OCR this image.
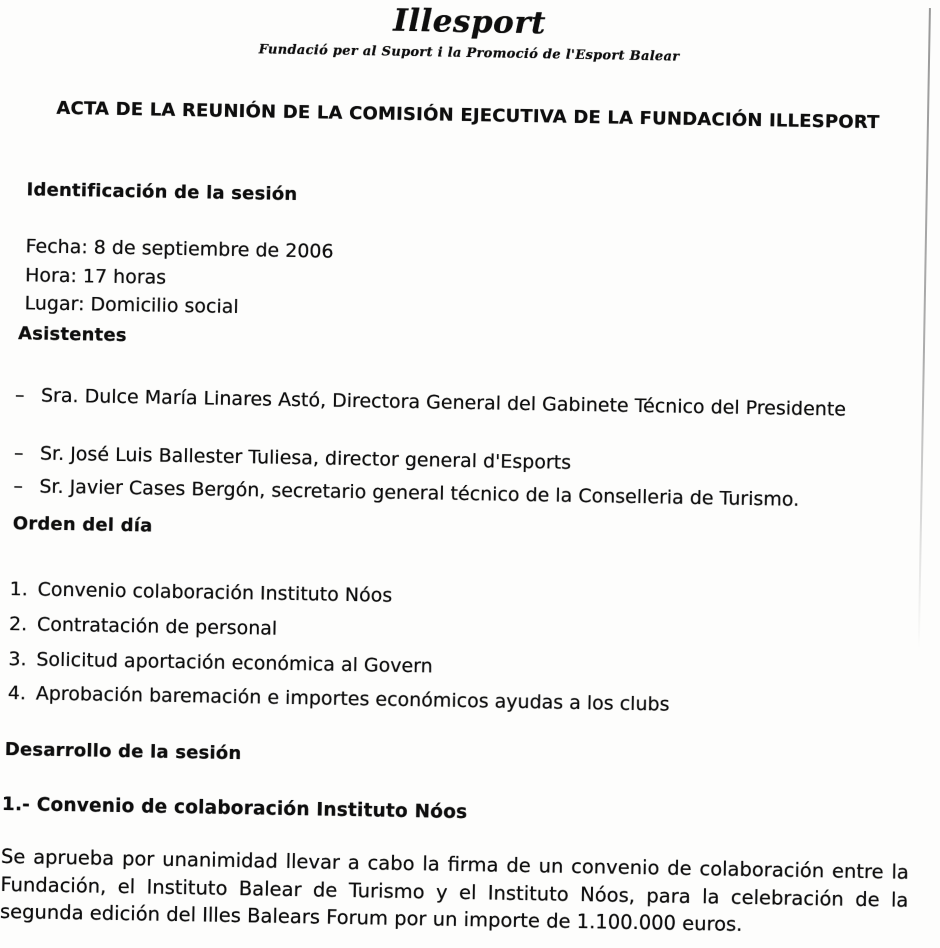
Illesport
Fundació per al Suport i la Promoció de l'Esport Balear
ACTA DE LA REUNIÓN DE LA COMISIÓN EJECUTIVA DE LA FUNDACIÓN ILLESPORT
Identificación de la sesión
Fecha: 8 de septiembre de 2006
Hora: 17 horas
Lugar: Domicilio social
Asistentes
– Sra. Dulce María Linares Astó, Directora General del Gabinete Técnico del Presidente
– Sr. José Luis Ballester Tuliesa, director general d'Esports
– Sr. Javier Cases Bergón, secretario general técnico de la Conselleria de Turismo.
Orden del día
1. Convenio colaboración Instituto Nóos
2. Contratación de personal
3. Solicitud aportación económica al Govern
4. Aprobación baremación e importes económicos ayudas a los clubs
Desarrollo de la sesión
1.- Convenio de colaboración Instituto Nóos
Se aprueba por unanimidad llevar a cabo la firma de un convenio de colaboración entre la Fundación, el Instituto Balear de Turismo y el Instituto Nóos, para la celebración de la segunda edición del Illes Balears Forum por un importe de 1.100.000 euros.
